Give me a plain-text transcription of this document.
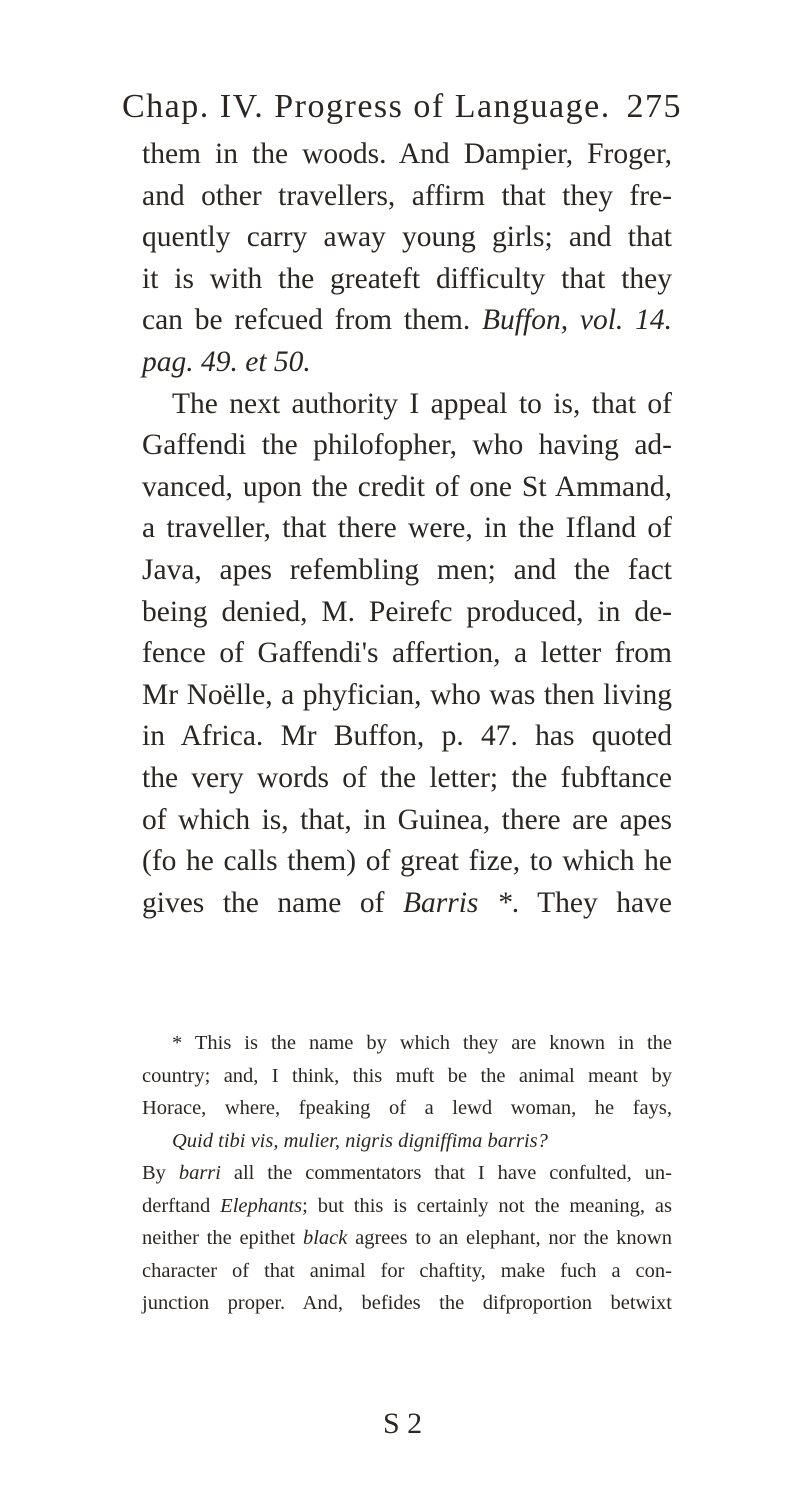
Chap. IV. Progress of Language. 275
them in the woods. And Dampier, Froger,
and other travellers, affirm that they fre-
quently carry away young girls; and that
it is with the greateft difficulty that they
can be refcued from them. Buffon, vol. 14.
pag. 49. et 50.
The next authority I appeal to is, that of
Gaffendi the philofopher, who having ad-
vanced, upon the credit of one St Ammand,
a traveller, that there were, in the Ifland of
Java, apes refembling men; and the fact
being denied, M. Peirefc produced, in de-
fence of Gaffendi's affertion, a letter from
Mr Noëlle, a phyfician, who was then living
in Africa. Mr Buffon, p. 47. has quoted
the very words of the letter; the fubftance
of which is, that, in Guinea, there are apes
(fo he calls them) of great fize, to which he
gives the name of Barris *. They have
* This is the name by which they are known in the
country; and, I think, this muft be the animal meant by
Horace, where, fpeaking of a lewd woman, he fays,
Quid tibi vis, mulier, nigris digniffima barris?
By barri all the commentators that I have confulted, un-
derftand Elephants; but this is certainly not the meaning, as
neither the epithet black agrees to an elephant, nor the known
character of that animal for chaftity, make fuch a con-
junction proper. And, befides the difproportion betwixt
S 2
